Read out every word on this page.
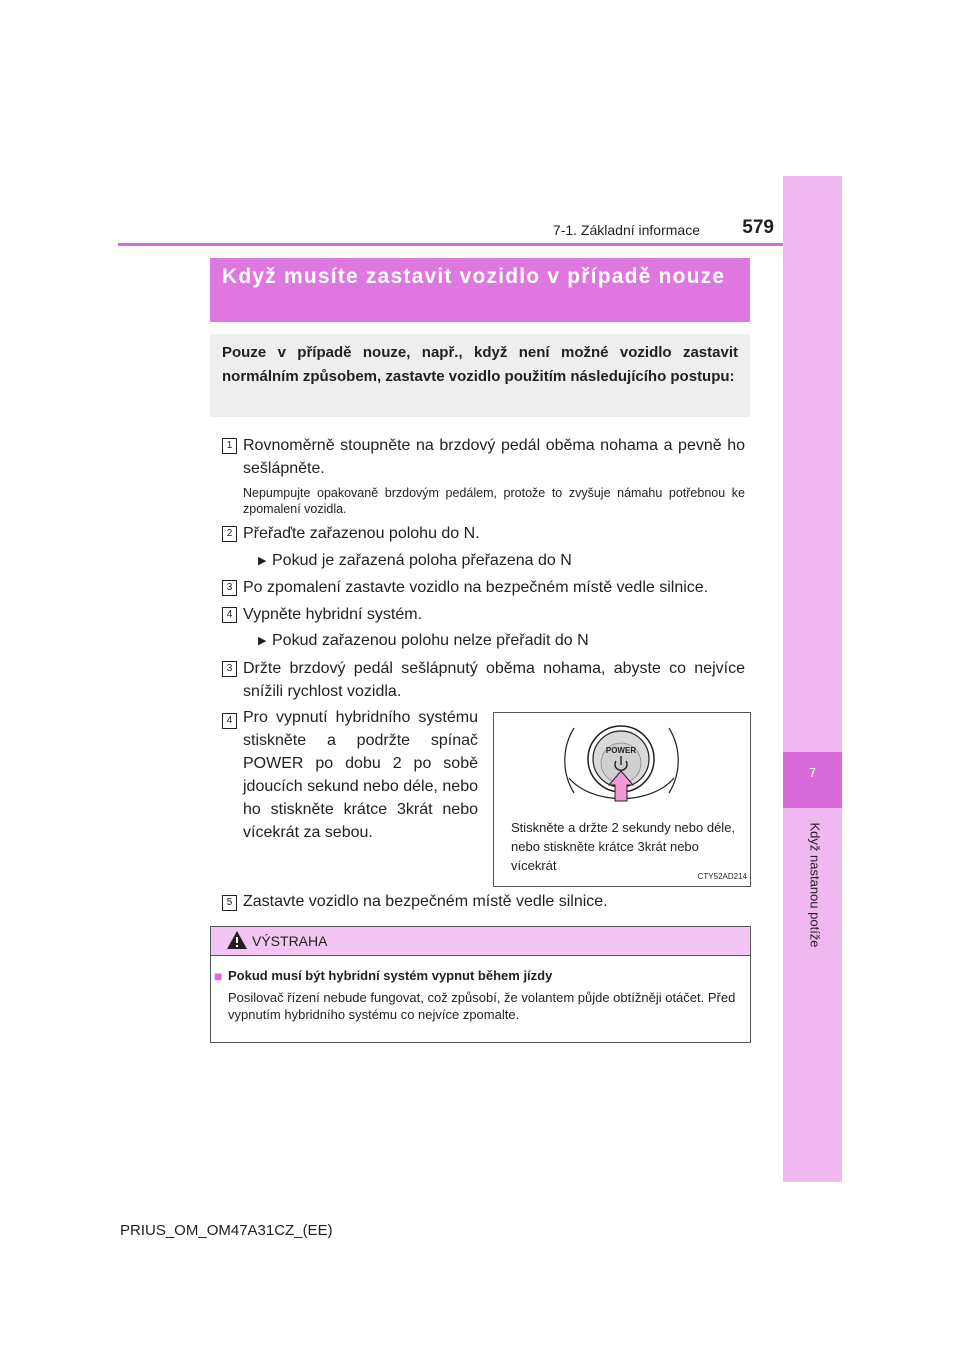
7
Když nastanou potíže
7-1. Základní informace	579
Když musíte zastavit vozidlo v případě nouze
Pouze v případě nouze, např., když není možné vozidlo zastavit normálním způsobem, zastavte vozidlo použitím následujícího postupu:
1 Rovnoměrně stoupněte na brzdový pedál oběma nohama a pevně ho sešlápněte.
Nepumpujte opakovaně brzdovým pedálem, protože to zvyšuje námahu potřebnou ke zpomalení vozidla.
2 Přeřaďte zařazenou polohu do N.
▶ Pokud je zařazená poloha přeřazena do N
3 Po zpomalení zastavte vozidlo na bezpečném místě vedle silnice.
4 Vypněte hybridní systém.
▶ Pokud zařazenou polohu nelze přeřadit do N
3 Držte brzdový pedál sešlápnutý oběma nohama, abyste co nejvíce snížili rychlost vozidla.
4 Pro vypnutí hybridního systému stiskněte a podržte spínač POWER po dobu 2 po sobě jdoucích sekund nebo déle, nebo ho stiskněte krátce 3krát nebo vícekrát za sebou.
POWER
Stiskněte a držte 2 sekundy nebo déle, nebo stiskněte krátce 3krát nebo vícekrát
CTY52AD214
5 Zastavte vozidlo na bezpečném místě vedle silnice.
VÝSTRAHA
■ Pokud musí být hybridní systém vypnut během jízdy
Posilovač řízení nebude fungovat, což způsobí, že volantem půjde obtížněji otáčet. Před vypnutím hybridního systému co nejvíce zpomalte.
PRIUS_OM_OM47A31CZ_(EE)
